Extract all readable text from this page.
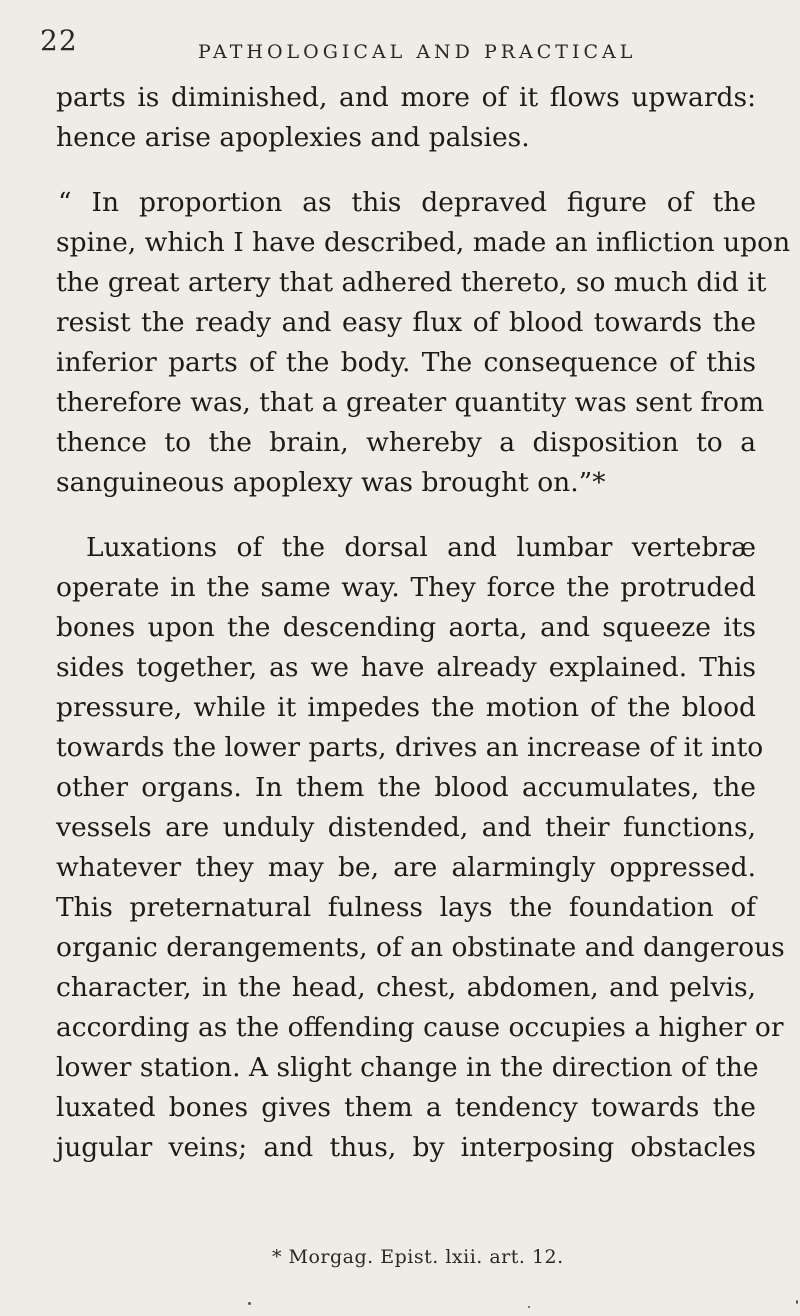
22	PATHOLOGICAL AND PRACTICAL
parts is diminished, and more of it flows upwards:
hence arise apoplexies and palsies.
“ In proportion as this depraved figure of the
spine, which I have described, made an infliction upon
the great artery that adhered thereto, so much did it
resist the ready and easy flux of blood towards the
inferior parts of the body. The consequence of this
therefore was, that a greater quantity was sent from
thence to the brain, whereby a disposition to a
sanguineous apoplexy was brought on.”*
Luxations of the dorsal and lumbar vertebræ
operate in the same way. They force the protruded
bones upon the descending aorta, and squeeze its
sides together, as we have already explained. This
pressure, while it impedes the motion of the blood
towards the lower parts, drives an increase of it into
other organs. In them the blood accumulates, the
vessels are unduly distended, and their functions,
whatever they may be, are alarmingly oppressed.
This preternatural fulness lays the foundation of
organic derangements, of an obstinate and dangerous
character, in the head, chest, abdomen, and pelvis,
according as the offending cause occupies a higher or
lower station. A slight change in the direction of the
luxated bones gives them a tendency towards the
jugular veins; and thus, by interposing obstacles
* Morgag. Epist. lxii. art. 12.
